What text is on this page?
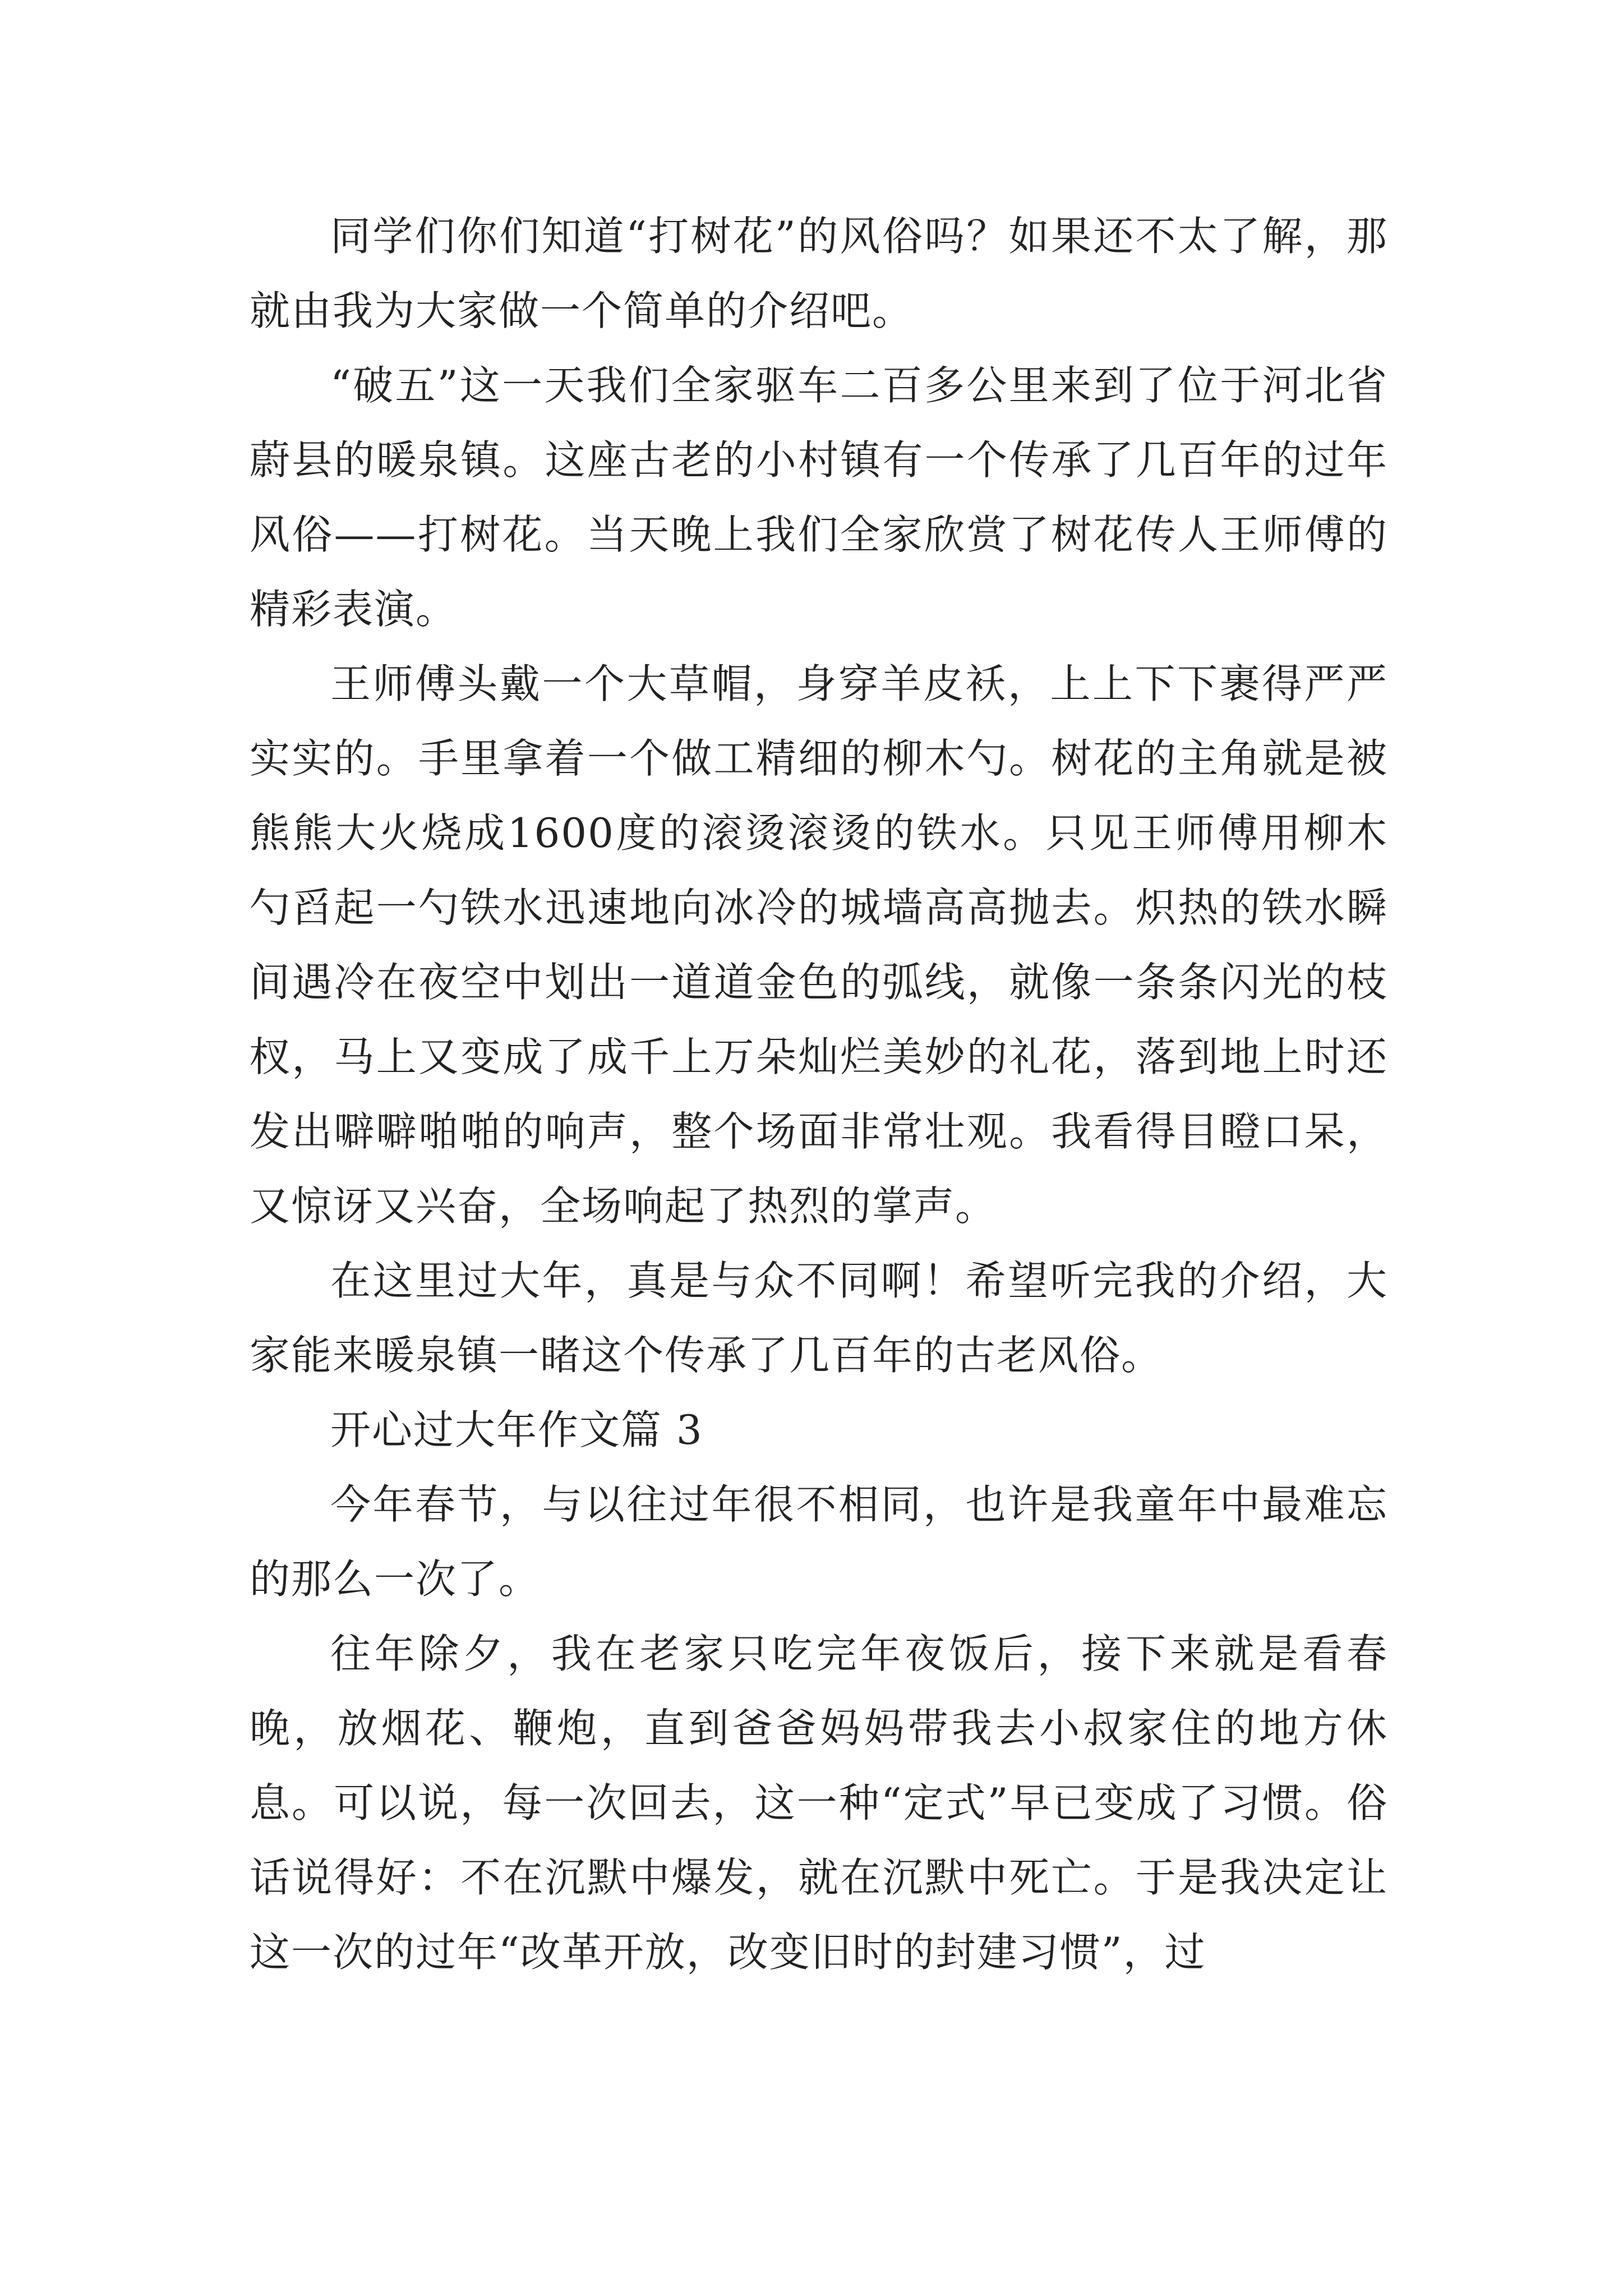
同学们你们知道“打树花”的风俗吗？如果还不太了解，那就由我为大家做一个简单的介绍吧。

“破五”这一天我们全家驱车二百多公里来到了位于河北省蔚县的暖泉镇。这座古老的小村镇有一个传承了几百年的过年风俗——打树花。当天晚上我们全家欣赏了树花传人王师傅的精彩表演。

王师傅头戴一个大草帽，身穿羊皮袄，上上下下裹得严严实实的。手里拿着一个做工精细的柳木勺。树花的主角就是被熊熊大火烧成1600度的滚烫滚烫的铁水。只见王师傅用柳木勺舀起一勺铁水迅速地向冰冷的城墙高高抛去。炽热的铁水瞬间遇冷在夜空中划出一道道金色的弧线，就像一条条闪光的枝杈，马上又变成了成千上万朵灿烂美妙的礼花，落到地上时还发出噼噼啪啪的响声，整个场面非常壮观。我看得目瞪口呆，又惊讶又兴奋，全场响起了热烈的掌声。

在这里过大年，真是与众不同啊！希望听完我的介绍，大家能来暖泉镇一睹这个传承了几百年的古老风俗。

开心过大年作文篇 3

今年春节，与以往过年很不相同，也许是我童年中最难忘的那么一次了。

往年除夕，我在老家只吃完年夜饭后，接下来就是看春晚，放烟花、鞭炮，直到爸爸妈妈带我去小叔家住的地方休息。可以说，每一次回去，这一种“定式”早已变成了习惯。俗话说得好：不在沉默中爆发，就在沉默中死亡。于是我决定让这一次的过年“改革开放，改变旧时的封建习惯”，过
